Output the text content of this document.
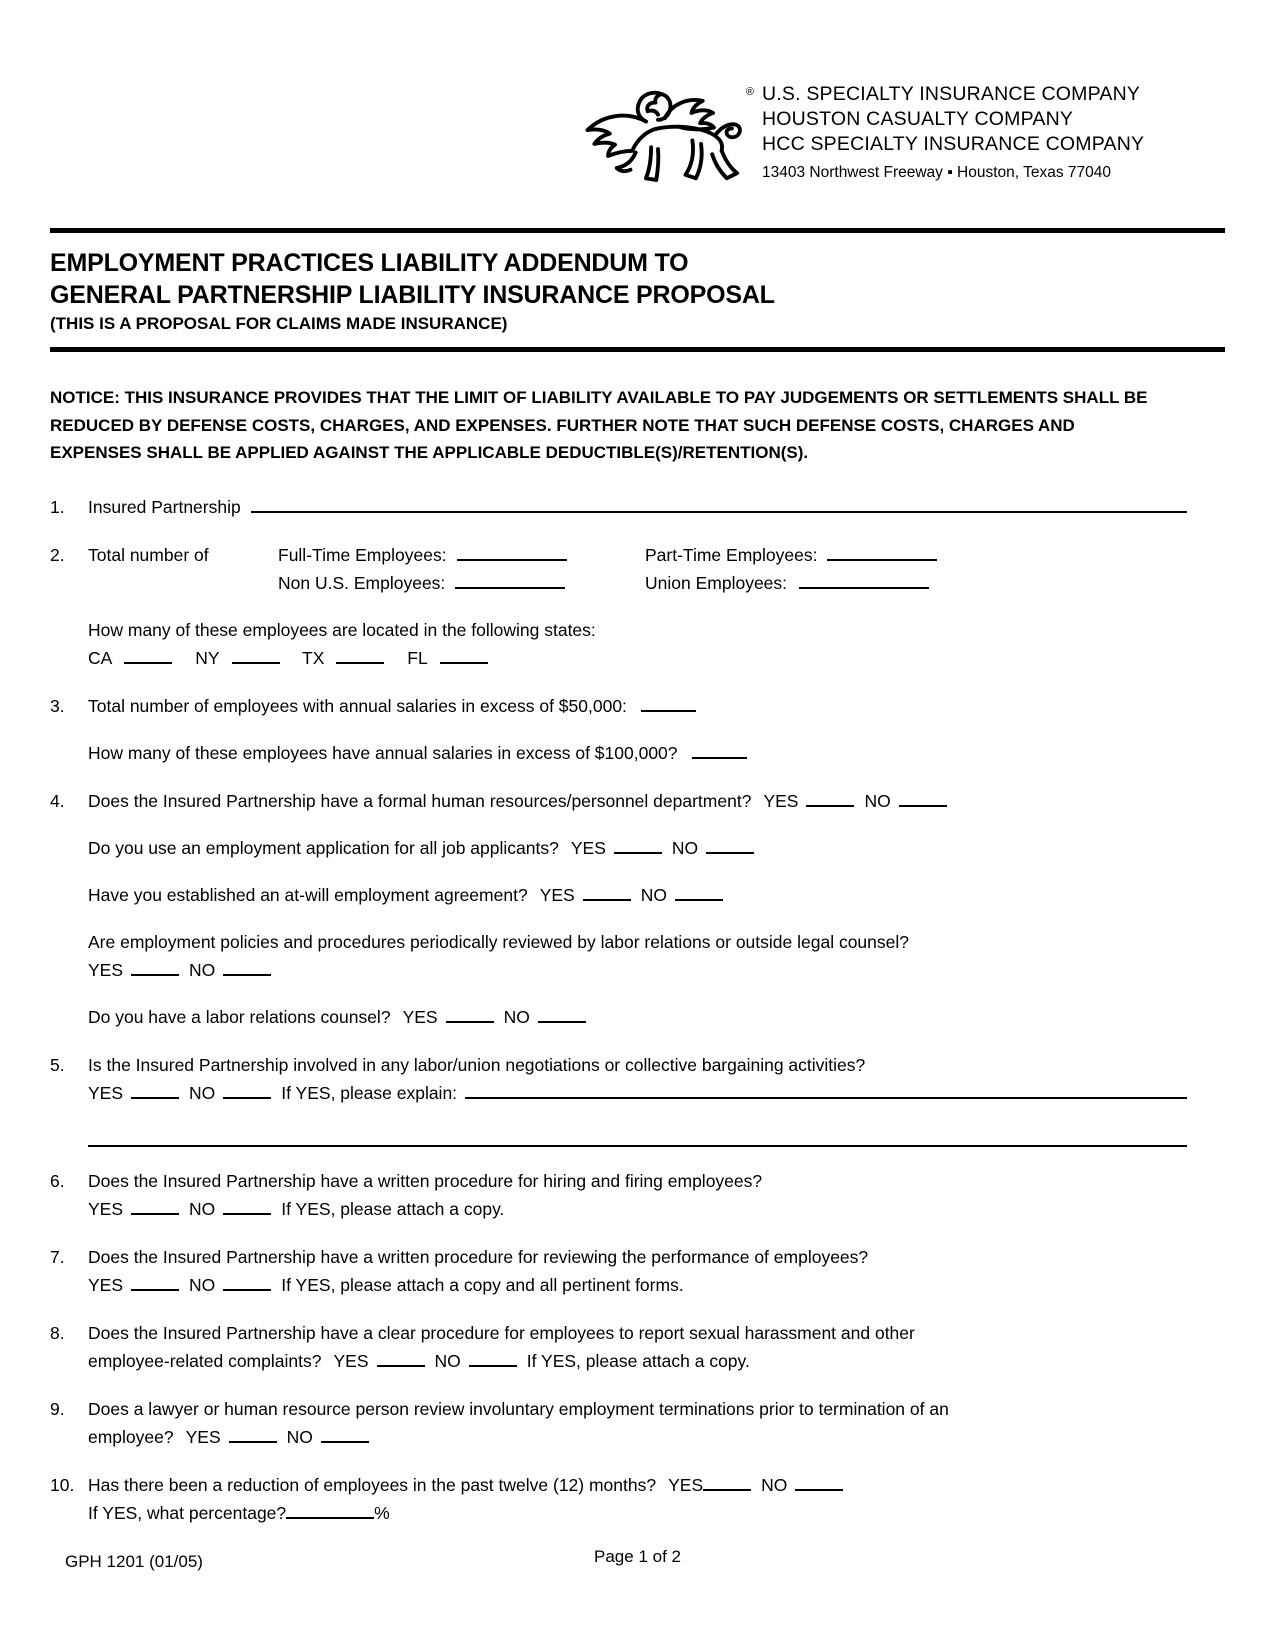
® U.S. SPECIALTY INSURANCE COMPANY
HOUSTON CASUALTY COMPANY
HCC SPECIALTY INSURANCE COMPANY
13403 Northwest Freeway ▪ Houston, Texas 77040
EMPLOYMENT PRACTICES LIABILITY ADDENDUM TO
GENERAL PARTNERSHIP LIABILITY INSURANCE PROPOSAL
(THIS IS A PROPOSAL FOR CLAIMS MADE INSURANCE)
NOTICE: THIS INSURANCE PROVIDES THAT THE LIMIT OF LIABILITY AVAILABLE TO PAY JUDGEMENTS OR SETTLEMENTS SHALL BE REDUCED BY DEFENSE COSTS, CHARGES, AND EXPENSES. FURTHER NOTE THAT SUCH DEFENSE COSTS, CHARGES AND EXPENSES SHALL BE APPLIED AGAINST THE APPLICABLE DEDUCTIBLE(S)/RETENTION(S).
1.	Insured Partnership
2.	Total number of	Full-Time Employees:	Part-Time Employees:
Non U.S. Employees:	Union Employees:
How many of these employees are located in the following states:
CA	NY	TX	FL
3.	Total number of employees with annual salaries in excess of $50,000:
How many of these employees have annual salaries in excess of $100,000?
4.	Does the Insured Partnership have a formal human resources/personnel department? YES	NO
Do you use an employment application for all job applicants? YES	NO
Have you established an at-will employment agreement? YES	NO
Are employment policies and procedures periodically reviewed by labor relations or outside legal counsel?
YES	NO
Do you have a labor relations counsel? YES	NO
5.	Is the Insured Partnership involved in any labor/union negotiations or collective bargaining activities?
YES	NO	If YES, please explain:
6.	Does the Insured Partnership have a written procedure for hiring and firing employees?
YES	NO	If YES, please attach a copy.
7.	Does the Insured Partnership have a written procedure for reviewing the performance of employees?
YES	NO	If YES, please attach a copy and all pertinent forms.
8.	Does the Insured Partnership have a clear procedure for employees to report sexual harassment and other
employee-related complaints? YES	NO	If YES, please attach a copy.
9.	Does a lawyer or human resource person review involuntary employment terminations prior to termination of an
employee? YES	NO
10. Has there been a reduction of employees in the past twelve (12) months? YES	NO
If YES, what percentage?	%
GPH 1201 (01/05)	Page 1 of 2
